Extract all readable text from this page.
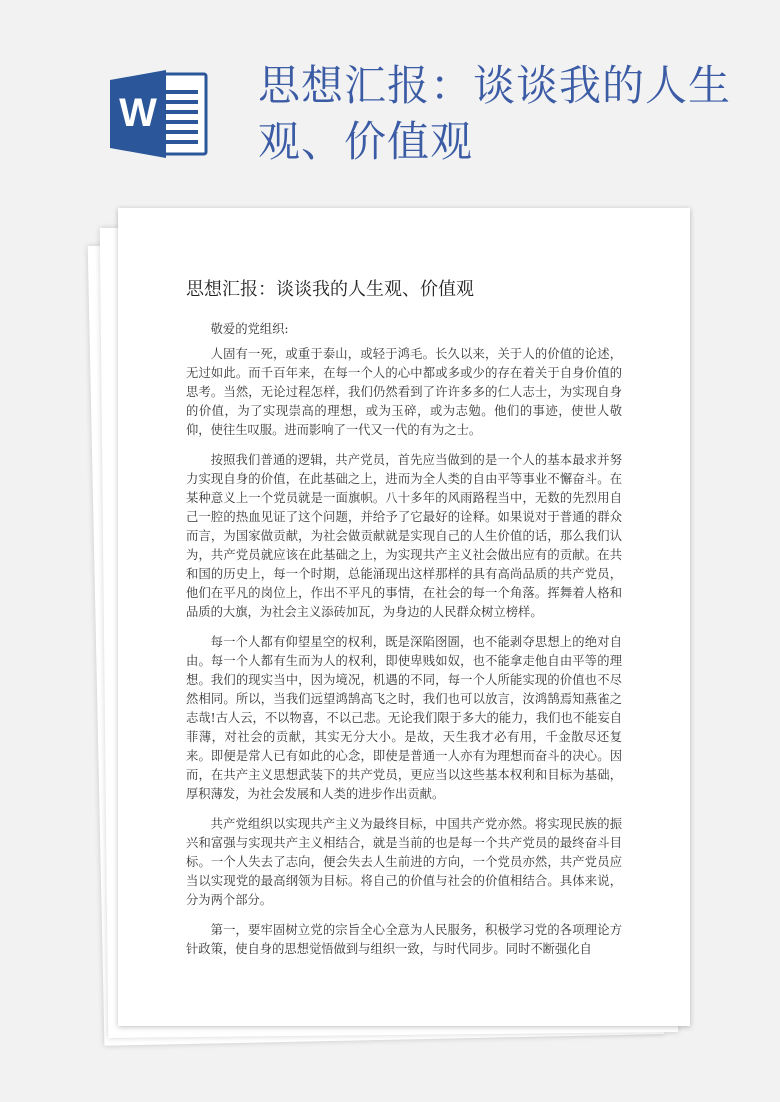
W
思想汇报：谈谈我的人生观、价值观
思想汇报：谈谈我的人生观、价值观

敬爱的党组织:

人固有一死，或重于泰山，或轻于鸿毛。长久以来，关于人的价值的论述，无过如此。而千百年来，在每一个人的心中都或多或少的存在着关于自身价值的思考。当然，无论过程怎样，我们仍然看到了许许多多的仁人志士，为实现自身的价值，为了实现崇高的理想，或为玉碎，或为志勉。他们的事迹，使世人敬仰，使往生叹服。进而影响了一代又一代的有为之士。

按照我们普通的逻辑，共产党员，首先应当做到的是一个人的基本最求并努力实现自身的价值，在此基础之上，进而为全人类的自由平等事业不懈奋斗。在某种意义上一个党员就是一面旗帜。八十多年的风雨路程当中，无数的先烈用自己一腔的热血见证了这个问题，并给予了它最好的诠释。如果说对于普通的群众而言，为国家做贡献，为社会做贡献就是实现自己的人生价值的话，那么我们认为，共产党员就应该在此基础之上，为实现共产主义社会做出应有的贡献。在共和国的历史上，每一个时期，总能涌现出这样那样的具有高尚品质的共产党员，他们在平凡的岗位上，作出不平凡的事情，在社会的每一个角落。挥舞着人格和品质的大旗，为社会主义添砖加瓦，为身边的人民群众树立榜样。

每一个人都有仰望星空的权利，既是深陷囹圄，也不能剥夺思想上的绝对自由。每一个人都有生而为人的权利，即使卑贱如奴，也不能拿走他自由平等的理想。我们的现实当中，因为境况，机遇的不同，每一个人所能实现的价值也不尽然相同。所以，当我们远望鸿鹄高飞之时，我们也可以放言，汝鸿鹄焉知燕雀之志哉!古人云，不以物喜，不以己悲。无论我们限于多大的能力，我们也不能妄自菲薄，对社会的贡献，其实无分大小。是故，天生我才必有用，千金散尽还复来。即便是常人已有如此的心念，即使是普通一人亦有为理想而奋斗的决心。因而，在共产主义思想武装下的共产党员，更应当以这些基本权利和目标为基础，厚积薄发，为社会发展和人类的进步作出贡献。

共产党组织以实现共产主义为最终目标，中国共产党亦然。将实现民族的振兴和富强与实现共产主义相结合，就是当前的也是每一个共产党员的最终奋斗目标。一个人失去了志向，便会失去人生前进的方向，一个党员亦然，共产党员应当以实现党的最高纲领为目标。将自己的价值与社会的价值相结合。具体来说，分为两个部分。

第一，要牢固树立党的宗旨全心全意为人民服务，积极学习党的各项理论方针政策，使自身的思想觉悟做到与组织一致，与时代同步。同时不断强化自
